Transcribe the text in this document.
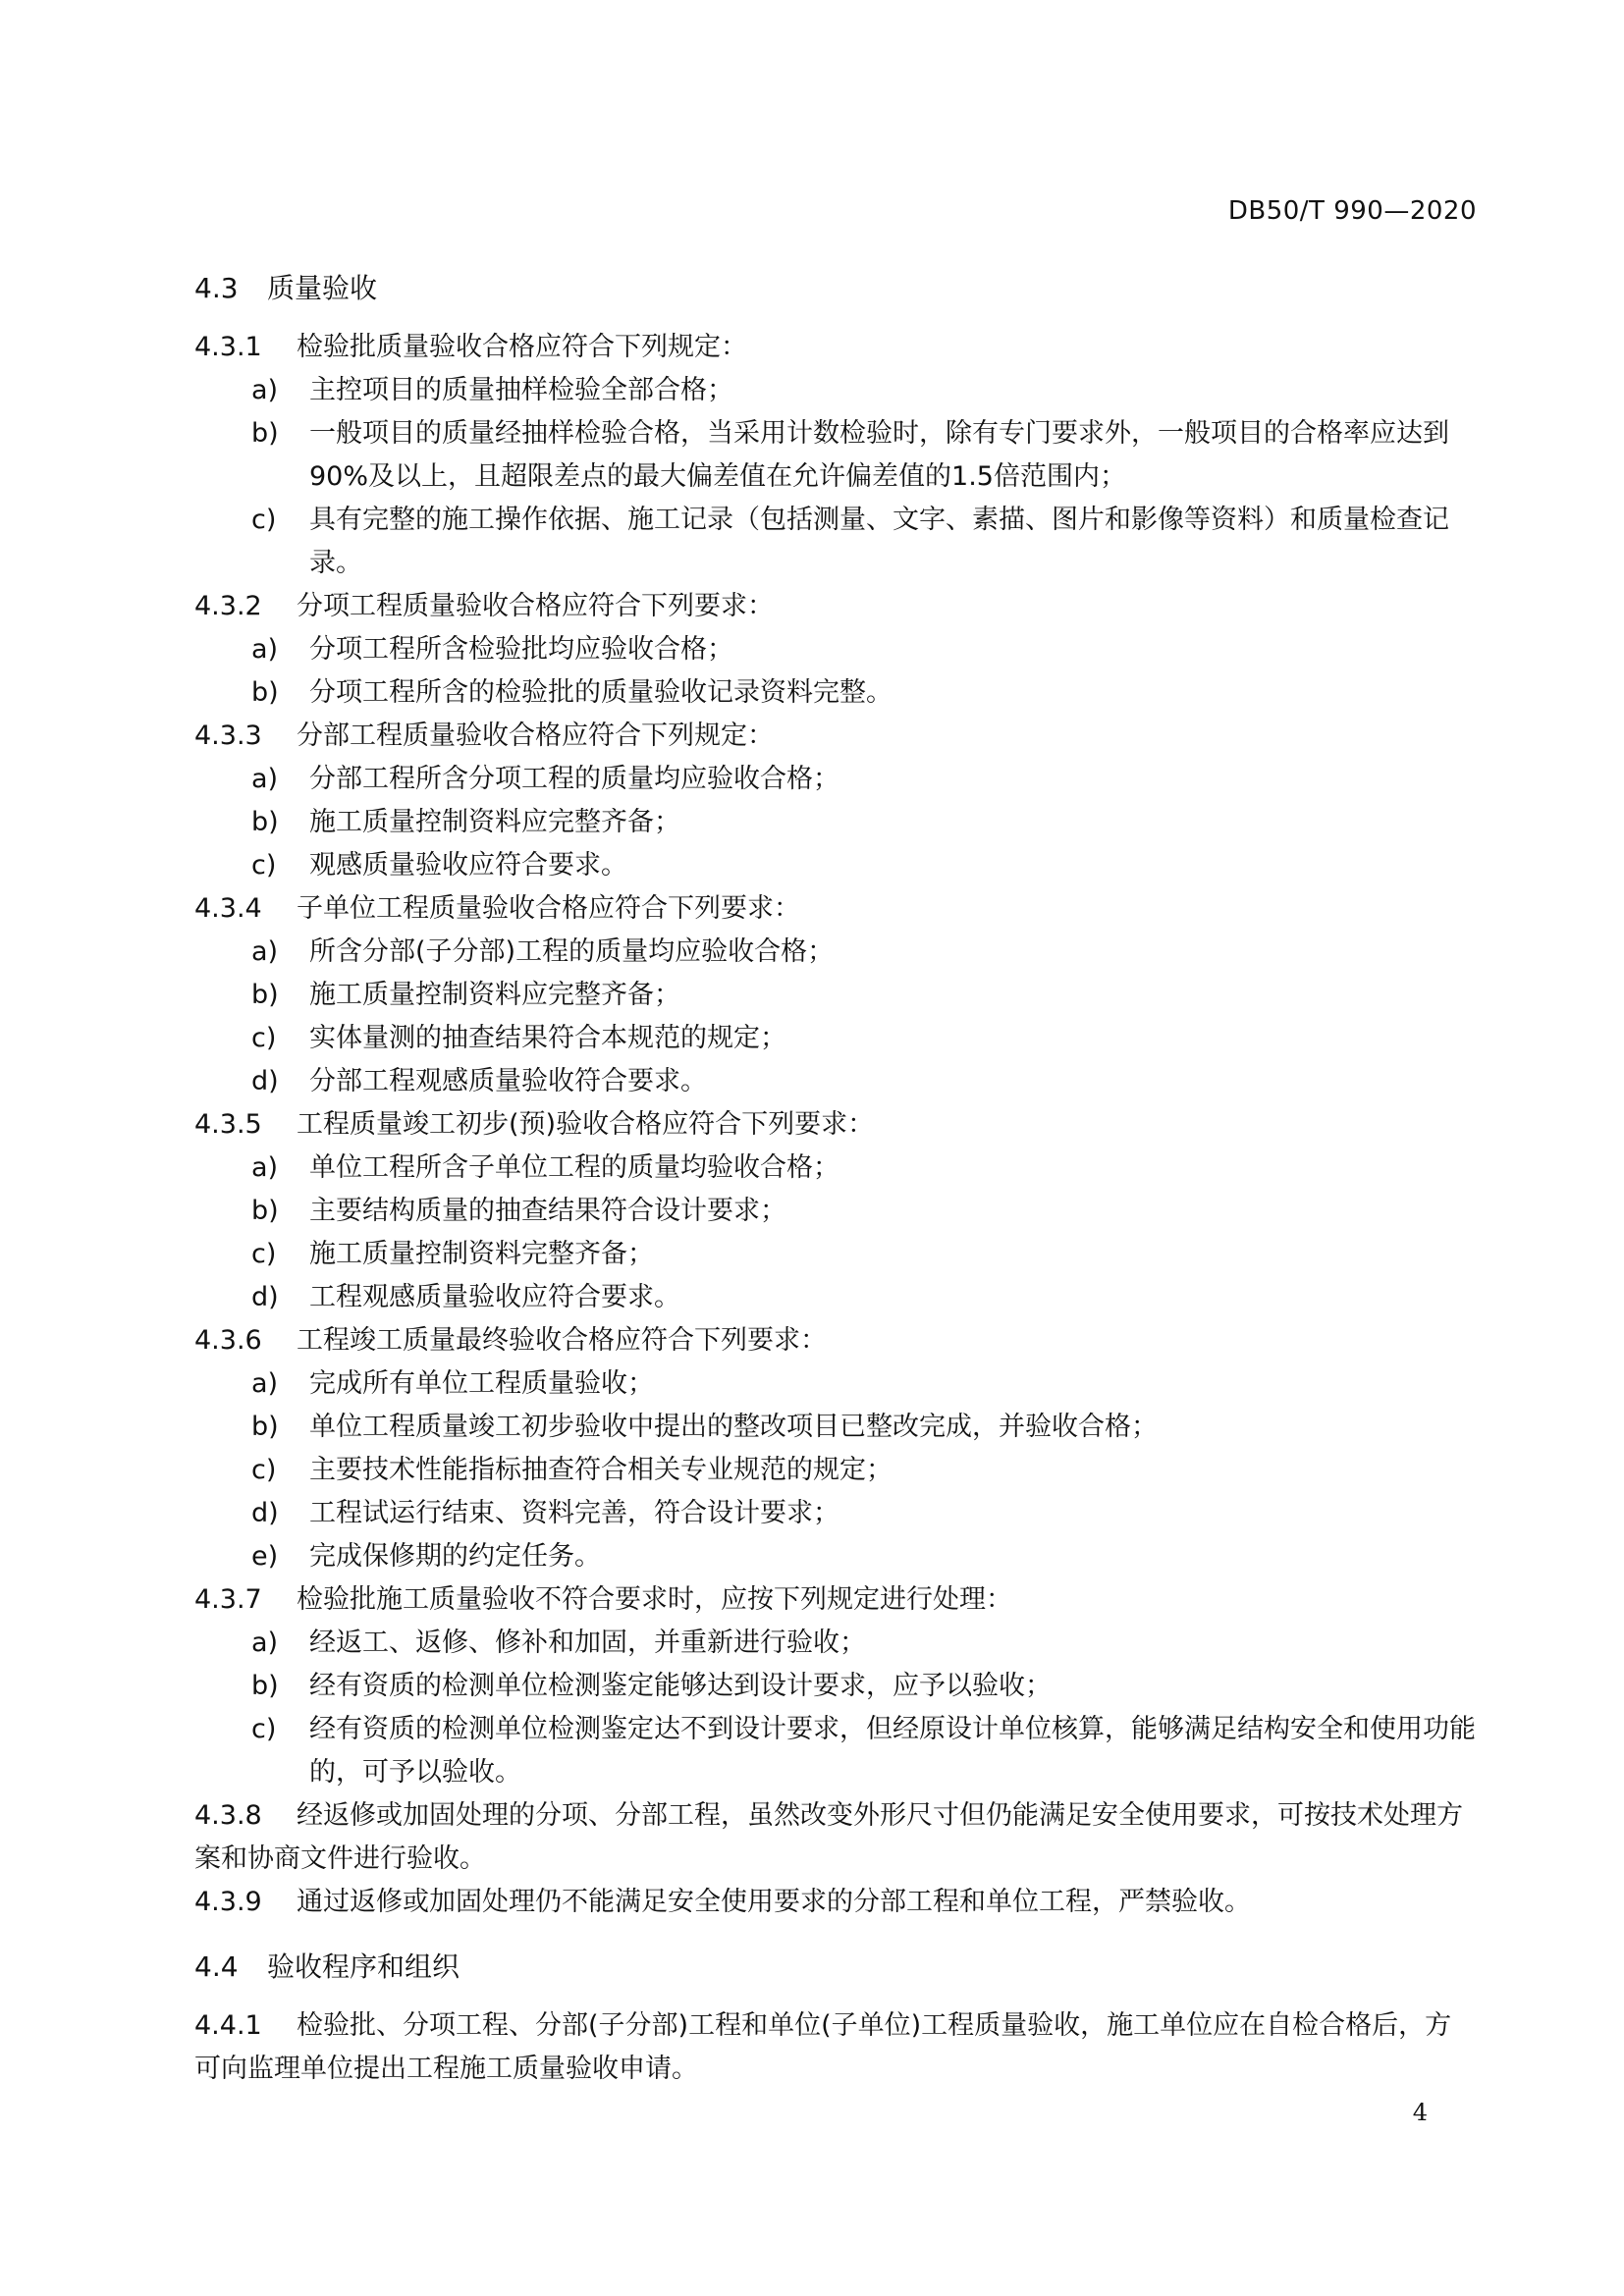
DB50/T 990—2020
4.3 质量验收
4.3.1 检验批质量验收合格应符合下列规定：
a) 主控项目的质量抽样检验全部合格；
b) 一般项目的质量经抽样检验合格，当采用计数检验时，除有专门要求外，一般项目的合格率应达到90%及以上，且超限差点的最大偏差值在允许偏差值的1.5倍范围内；
c) 具有完整的施工操作依据、施工记录（包括测量、文字、素描、图片和影像等资料）和质量检查记录。
4.3.2 分项工程质量验收合格应符合下列要求：
a) 分项工程所含检验批均应验收合格；
b) 分项工程所含的检验批的质量验收记录资料完整。
4.3.3 分部工程质量验收合格应符合下列规定：
a) 分部工程所含分项工程的质量均应验收合格；
b) 施工质量控制资料应完整齐备；
c) 观感质量验收应符合要求。
4.3.4 子单位工程质量验收合格应符合下列要求：
a) 所含分部(子分部)工程的质量均应验收合格；
b) 施工质量控制资料应完整齐备；
c) 实体量测的抽查结果符合本规范的规定；
d) 分部工程观感质量验收符合要求。
4.3.5 工程质量竣工初步(预)验收合格应符合下列要求：
a) 单位工程所含子单位工程的质量均验收合格；
b) 主要结构质量的抽查结果符合设计要求；
c) 施工质量控制资料完整齐备；
d) 工程观感质量验收应符合要求。
4.3.6 工程竣工质量最终验收合格应符合下列要求：
a) 完成所有单位工程质量验收；
b) 单位工程质量竣工初步验收中提出的整改项目已整改完成，并验收合格；
c) 主要技术性能指标抽查符合相关专业规范的规定；
d) 工程试运行结束、资料完善，符合设计要求；
e) 完成保修期的约定任务。
4.3.7 检验批施工质量验收不符合要求时，应按下列规定进行处理：
a) 经返工、返修、修补和加固，并重新进行验收；
b) 经有资质的检测单位检测鉴定能够达到设计要求，应予以验收；
c) 经有资质的检测单位检测鉴定达不到设计要求，但经原设计单位核算，能够满足结构安全和使用功能的，可予以验收。
4.3.8 经返修或加固处理的分项、分部工程，虽然改变外形尺寸但仍能满足安全使用要求，可按技术处理方案和协商文件进行验收。
4.3.9 通过返修或加固处理仍不能满足安全使用要求的分部工程和单位工程，严禁验收。
4.4 验收程序和组织
4.4.1 检验批、分项工程、分部(子分部)工程和单位(子单位)工程质量验收，施工单位应在自检合格后，方可向监理单位提出工程施工质量验收申请。
4
